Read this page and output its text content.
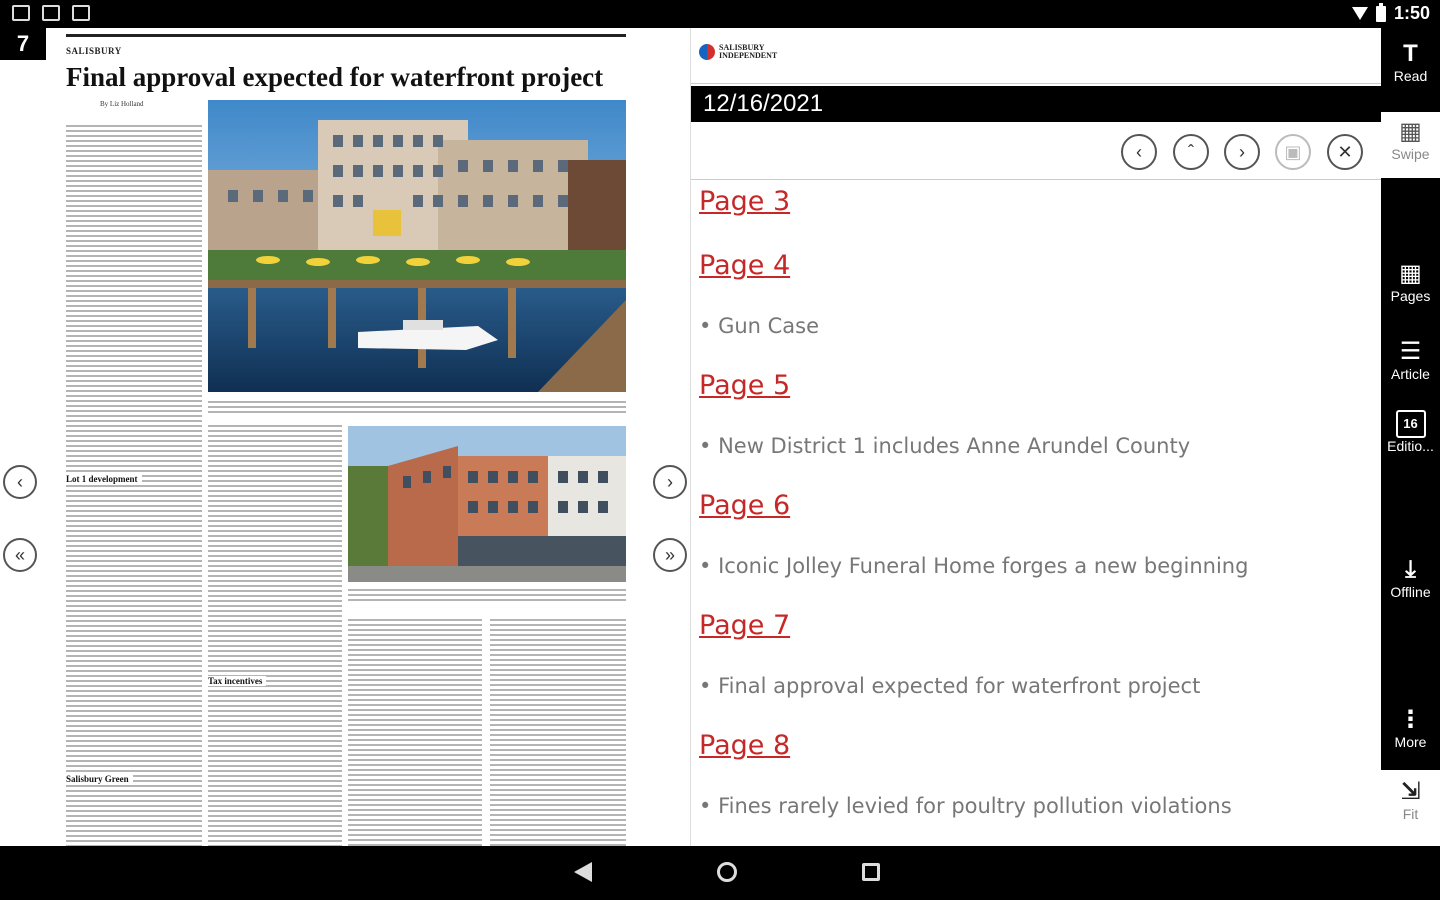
1:50
7
‹
«
›
»
SALISBURY
Final approval expected for waterfront project
By Liz Holland
Lot 1 development
Salisbury Green
Tax incentives
SALISBURY
INDEPENDENT
12/16/2021
‹	ˆ	› ▣ ✕
Page 3
Page 4
• Gun Case
Page 5
• New District 1 includes Anne Arundel County
Page 6
• Iconic Jolley Funeral Home forges a new beginning
Page 7
• Final approval expected for waterfront project
Page 8
• Fines rarely levied for poultry pollution violations
T
Read
▦
Swipe
▦
Pages
☰
Article
16
Editio...
⤓
Offline
⋮
More
⇲
Fit
